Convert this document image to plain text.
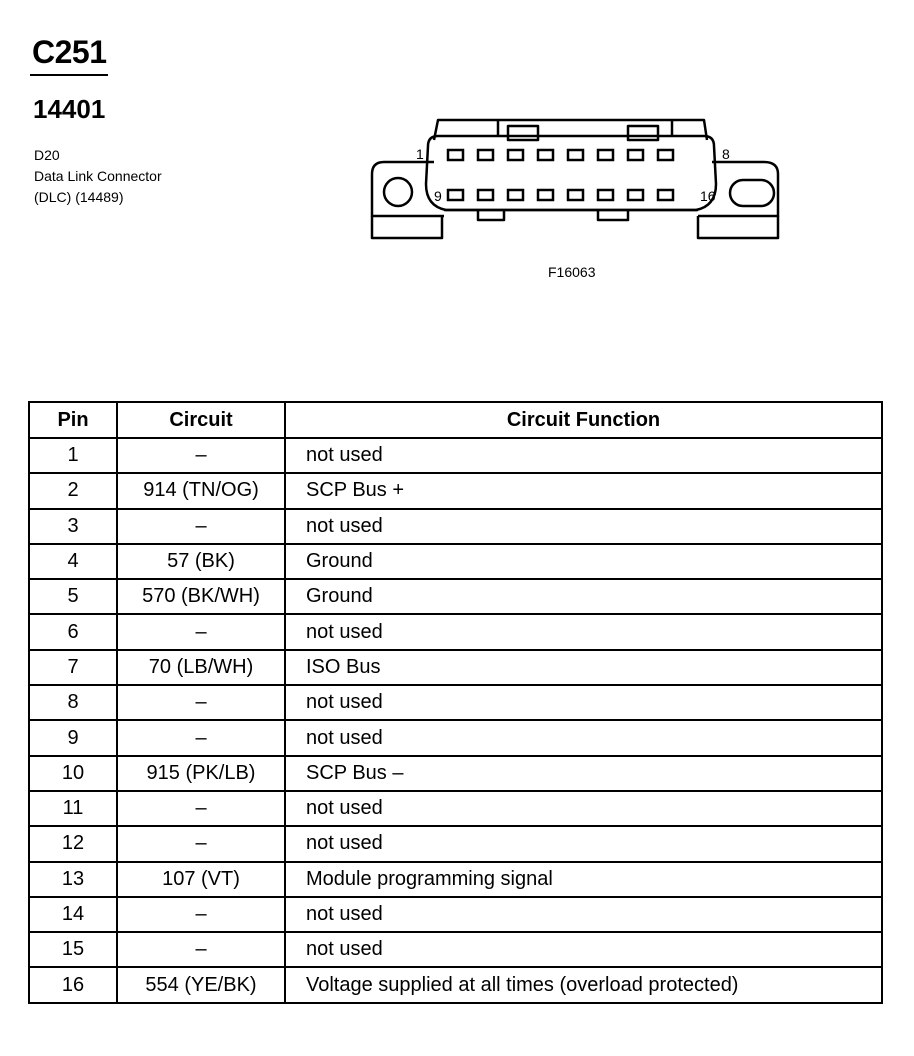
C251
14401
D20
Data Link Connector
(DLC) (14489)
1	8
9	16
F16063
Pin	Circuit	Circuit Function
1	–	not used
2	914 (TN/OG)	SCP Bus +
3	–	not used
4	57 (BK)	Ground
5	570 (BK/WH)	Ground
6	–	not used
7	70 (LB/WH)	ISO Bus
8	–	not used
9	–	not used
10	915 (PK/LB)	SCP Bus –
11	–	not used
12	–	not used
13	107 (VT)	Module programming signal
14	–	not used
15	–	not used
16	554 (YE/BK)	Voltage supplied at all times (overload protected)
